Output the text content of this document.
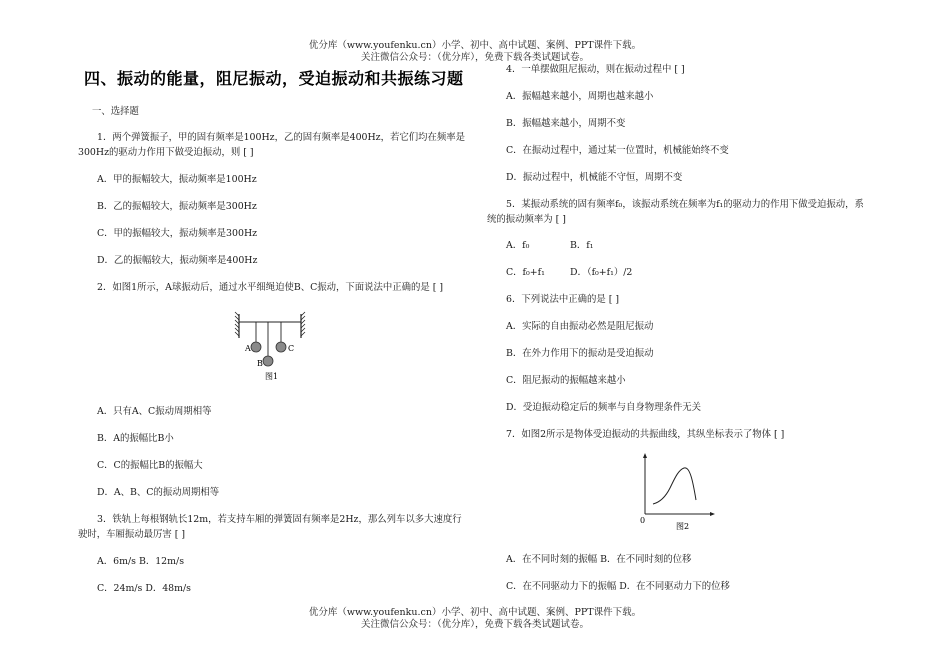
优分库（www.youfenku.cn）小学、初中、高中试题、案例、PPT课件下载。
关注微信公众号：（优分库），免费下载各类试题试卷。
优分库（www.youfenku.cn）小学、初中、高中试题、案例、PPT课件下载。
关注微信公众号：（优分库），免费下载各类试题试卷。
四、振动的能量，阻尼振动，受迫振动和共振练习题
一、选择题
1．两个弹簧振子，甲的固有频率是100Hz，乙的固有频率是400Hz，若它们均在频率是
300Hz的驱动力作用下做受迫振动，则 [ ]
A．甲的振幅较大，振动频率是100Hz
B．乙的振幅较大，振动频率是300Hz
C．甲的振幅较大，振动频率是300Hz
D．乙的振幅较大，振动频率是400Hz
2．如图1所示，A球振动后，通过水平细绳迫使B、C振动，下面说法中正确的是 [ ]
A
B
C
图1
A．只有A、C振动周期相等
B．A的振幅比B小
C．C的振幅比B的振幅大
D．A、B、C的振动周期相等
3．铁轨上每根钢轨长12m，若支持车厢的弹簧固有频率是2Hz，那么列车以多大速度行
驶时，车厢振动最厉害 [ ]
A．6m/s B．12m/s
C．24m/s D．48m/s
4．一单摆做阻尼振动，则在振动过程中 [ ]
A．振幅越来越小，周期也越来越小
B．振幅越来越小，周期不变
C．在振动过程中，通过某一位置时，机械能始终不变
D．振动过程中，机械能不守恒，周期不变
5．某振动系统的固有频率f₀，该振动系统在频率为f₁的驱动力的作用下做受迫振动，系
统的振动频率为 [ ]
A．f₀	B．f₁
C．f₀+f₁	D．（f₀+f₁）/2
6．下列说法中正确的是 [ ]
A．实际的自由振动必然是阻尼振动
B．在外力作用下的振动是受迫振动
C．阻尼振动的振幅越来越小
D．受迫振动稳定后的频率与自身物理条件无关
7．如图2所示是物体受迫振动的共振曲线，其纵坐标表示了物体 [ ]
0
图2
A．在不同时刻的振幅 B．在不同时刻的位移
C．在不同驱动力下的振幅 D．在不同驱动力下的位移
